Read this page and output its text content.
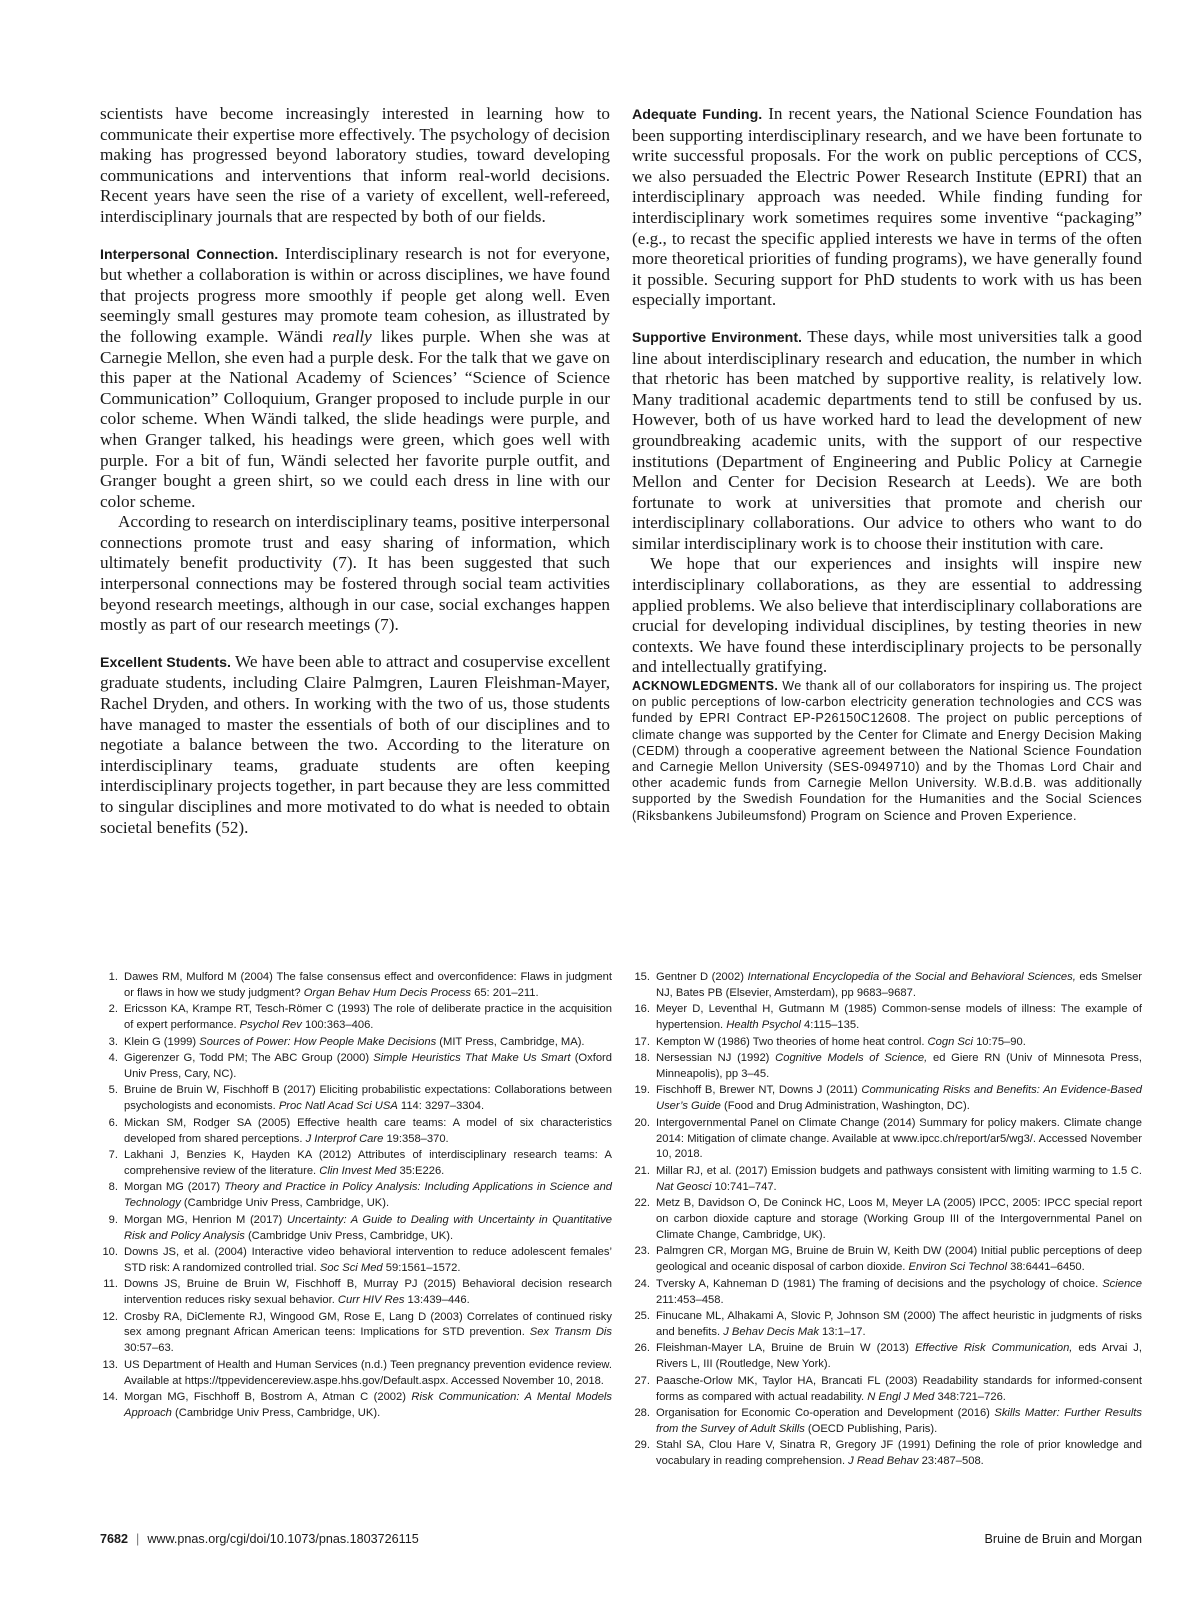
scientists have become increasingly interested in learning how to communicate their expertise more effectively. The psychology of decision making has progressed beyond laboratory studies, toward developing communications and interventions that inform real-world decisions. Recent years have seen the rise of a variety of excellent, well-refereed, interdisciplinary journals that are respected by both of our fields.

Interpersonal Connection. Interdisciplinary research is not for everyone, but whether a collaboration is within or across disciplines, we have found that projects progress more smoothly if people get along well. Even seemingly small gestures may promote team cohesion, as illustrated by the following example. Wändi really likes purple. When she was at Carnegie Mellon, she even had a purple desk. For the talk that we gave on this paper at the National Academy of Sciences’ “Science of Science Communication” Colloquium, Granger proposed to include purple in our color scheme. When Wändi talked, the slide headings were purple, and when Granger talked, his headings were green, which goes well with purple. For a bit of fun, Wändi selected her favorite purple outfit, and Granger bought a green shirt, so we could each dress in line with our color scheme.

According to research on interdisciplinary teams, positive interpersonal connections promote trust and easy sharing of information, which ultimately benefit productivity (7). It has been suggested that such interpersonal connections may be fostered through social team activities beyond research meetings, although in our case, social exchanges happen mostly as part of our research meetings (7).

Excellent Students. We have been able to attract and cosupervise excellent graduate students, including Claire Palmgren, Lauren Fleishman-Mayer, Rachel Dryden, and others. In working with the two of us, those students have managed to master the essentials of both of our disciplines and to negotiate a balance between the two. According to the literature on interdisciplinary teams, graduate students are often keeping interdisciplinary projects together, in part because they are less committed to singular disciplines and more motivated to do what is needed to obtain societal benefits (52).

Adequate Funding. In recent years, the National Science Foundation has been supporting interdisciplinary research, and we have been fortunate to write successful proposals. For the work on public perceptions of CCS, we also persuaded the Electric Power Research Institute (EPRI) that an interdisciplinary approach was needed. While finding funding for interdisciplinary work sometimes requires some inventive “packaging” (e.g., to recast the specific applied interests we have in terms of the often more theoretical priorities of funding programs), we have generally found it possible. Securing support for PhD students to work with us has been especially important.

Supportive Environment. These days, while most universities talk a good line about interdisciplinary research and education, the number in which that rhetoric has been matched by supportive reality, is relatively low. Many traditional academic departments tend to still be confused by us. However, both of us have worked hard to lead the development of new groundbreaking academic units, with the support of our respective institutions (Department of Engineering and Public Policy at Carnegie Mellon and Center for Decision Research at Leeds). We are both fortunate to work at universities that promote and cherish our interdisciplinary collaborations. Our advice to others who want to do similar interdisciplinary work is to choose their institution with care.

We hope that our experiences and insights will inspire new interdisciplinary collaborations, as they are essential to addressing applied problems. We also believe that interdisciplinary collaborations are crucial for developing individual disciplines, by testing theories in new contexts. We have found these interdisciplinary projects to be personally and intellectually gratifying.

ACKNOWLEDGMENTS. We thank all of our collaborators for inspiring us. The project on public perceptions of low-carbon electricity generation technologies and CCS was funded by EPRI Contract EP-P26150C12608. The project on public perceptions of climate change was supported by the Center for Climate and Energy Decision Making (CEDM) through a cooperative agreement between the National Science Foundation and Carnegie Mellon University (SES-0949710) and by the Thomas Lord Chair and other academic funds from Carnegie Mellon University. W.B.d.B. was additionally supported by the Swedish Foundation for the Humanities and the Social Sciences (Riksbankens Jubileumsfond) Program on Science and Proven Experience.

1. Dawes RM, Mulford M (2004) The false consensus effect and overconfidence: Flaws in judgment or flaws in how we study judgment? Organ Behav Hum Decis Process 65: 201–211.
2. Ericsson KA, Krampe RT, Tesch-Römer C (1993) The role of deliberate practice in the acquisition of expert performance. Psychol Rev 100:363–406.
3. Klein G (1999) Sources of Power: How People Make Decisions (MIT Press, Cambridge, MA).
4. Gigerenzer G, Todd PM; The ABC Group (2000) Simple Heuristics That Make Us Smart (Oxford Univ Press, Cary, NC).
5. Bruine de Bruin W, Fischhoff B (2017) Eliciting probabilistic expectations: Collaborations between psychologists and economists. Proc Natl Acad Sci USA 114: 3297–3304.
6. Mickan SM, Rodger SA (2005) Effective health care teams: A model of six characteristics developed from shared perceptions. J Interprof Care 19:358–370.
7. Lakhani J, Benzies K, Hayden KA (2012) Attributes of interdisciplinary research teams: A comprehensive review of the literature. Clin Invest Med 35:E226.
8. Morgan MG (2017) Theory and Practice in Policy Analysis: Including Applications in Science and Technology (Cambridge Univ Press, Cambridge, UK).
9. Morgan MG, Henrion M (2017) Uncertainty: A Guide to Dealing with Uncertainty in Quantitative Risk and Policy Analysis (Cambridge Univ Press, Cambridge, UK).
10. Downs JS, et al. (2004) Interactive video behavioral intervention to reduce adolescent females’ STD risk: A randomized controlled trial. Soc Sci Med 59:1561–1572.
11. Downs JS, Bruine de Bruin W, Fischhoff B, Murray PJ (2015) Behavioral decision research intervention reduces risky sexual behavior. Curr HIV Res 13:439–446.
12. Crosby RA, DiClemente RJ, Wingood GM, Rose E, Lang D (2003) Correlates of continued risky sex among pregnant African American teens: Implications for STD prevention. Sex Transm Dis 30:57–63.
13. US Department of Health and Human Services (n.d.) Teen pregnancy prevention evidence review. Available at https://tppevidencereview.aspe.hhs.gov/Default.aspx. Accessed November 10, 2018.
14. Morgan MG, Fischhoff B, Bostrom A, Atman C (2002) Risk Communication: A Mental Models Approach (Cambridge Univ Press, Cambridge, UK).
15. Gentner D (2002) International Encyclopedia of the Social and Behavioral Sciences, eds Smelser NJ, Bates PB (Elsevier, Amsterdam), pp 9683–9687.
16. Meyer D, Leventhal H, Gutmann M (1985) Common-sense models of illness: The example of hypertension. Health Psychol 4:115–135.
17. Kempton W (1986) Two theories of home heat control. Cogn Sci 10:75–90.
18. Nersessian NJ (1992) Cognitive Models of Science, ed Giere RN (Univ of Minnesota Press, Minneapolis), pp 3–45.
19. Fischhoff B, Brewer NT, Downs J (2011) Communicating Risks and Benefits: An Evidence-Based User’s Guide (Food and Drug Administration, Washington, DC).
20. Intergovernmental Panel on Climate Change (2014) Summary for policy makers. Climate change 2014: Mitigation of climate change. Available at www.ipcc.ch/report/ar5/wg3/. Accessed November 10, 2018.
21. Millar RJ, et al. (2017) Emission budgets and pathways consistent with limiting warming to 1.5 C. Nat Geosci 10:741–747.
22. Metz B, Davidson O, De Coninck HC, Loos M, Meyer LA (2005) IPCC, 2005: IPCC special report on carbon dioxide capture and storage (Working Group III of the Intergovernmental Panel on Climate Change, Cambridge, UK).
23. Palmgren CR, Morgan MG, Bruine de Bruin W, Keith DW (2004) Initial public perceptions of deep geological and oceanic disposal of carbon dioxide. Environ Sci Technol 38:6441–6450.
24. Tversky A, Kahneman D (1981) The framing of decisions and the psychology of choice. Science 211:453–458.
25. Finucane ML, Alhakami A, Slovic P, Johnson SM (2000) The affect heuristic in judgments of risks and benefits. J Behav Decis Mak 13:1–17.
26. Fleishman-Mayer LA, Bruine de Bruin W (2013) Effective Risk Communication, eds Arvai J, Rivers L, III (Routledge, New York).
27. Paasche-Orlow MK, Taylor HA, Brancati FL (2003) Readability standards for informed-consent forms as compared with actual readability. N Engl J Med 348:721–726.
28. Organisation for Economic Co-operation and Development (2016) Skills Matter: Further Results from the Survey of Adult Skills (OECD Publishing, Paris).
29. Stahl SA, Clou Hare V, Sinatra R, Gregory JF (1991) Defining the role of prior knowledge and vocabulary in reading comprehension. J Read Behav 23:487–508.
7682 | www.pnas.org/cgi/doi/10.1073/pnas.1803726115	Bruine de Bruin and Morgan
